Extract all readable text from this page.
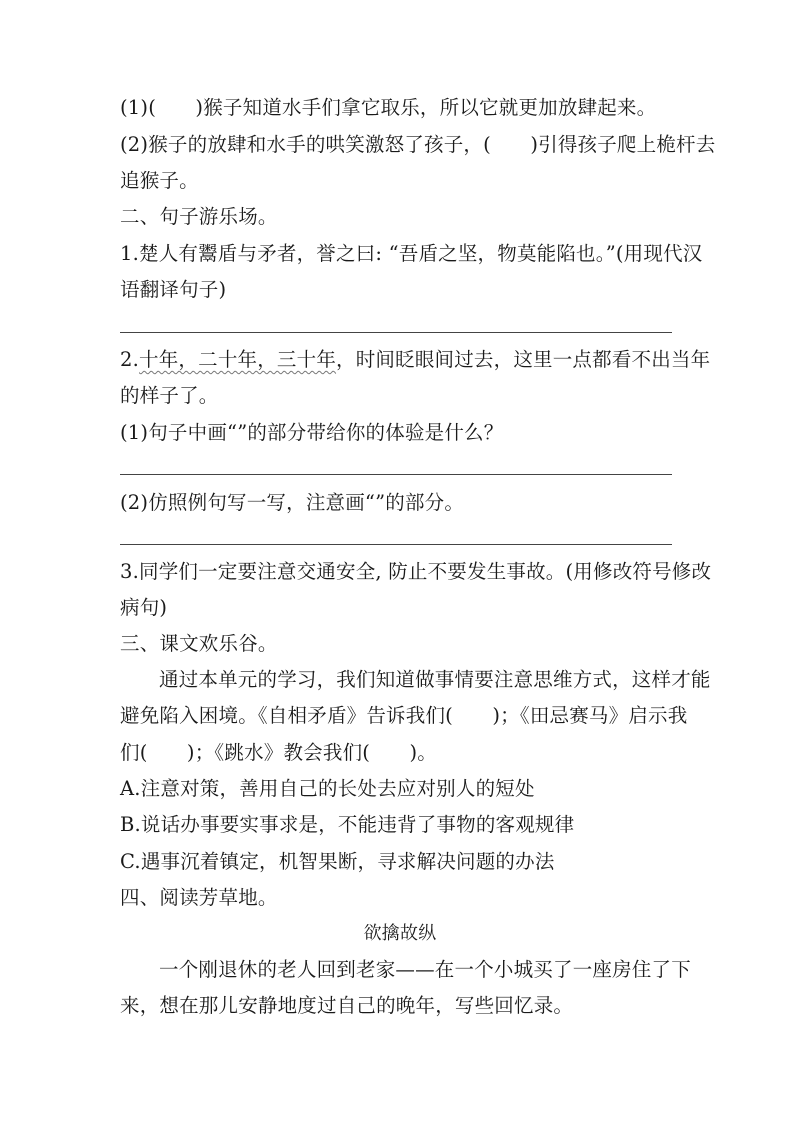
(1)(　　)猴子知道水手们拿它取乐，所以它就更加放肆起来。
(2)猴子的放肆和水手的哄笑激怒了孩子，(　　)引得孩子爬上桅杆去
追猴子。
二、句子游乐场。
1.楚人有鬻盾与矛者，誉之曰: “吾盾之坚，物莫能陷也。”(用现代汉
语翻译句子)
2.十年，二十年，三十年，时间眨眼间过去，这里一点都看不出当年
的样子了。
(1)句子中画“”的部分带给你的体验是什么？
(2)仿照例句写一写，注意画“”的部分。
3.同学们一定要注意交通安全, 防止不要发生事故。(用修改符号修改
病句)
三、课文欢乐谷。
通过本单元的学习，我们知道做事情要注意思维方式，这样才能
避免陷入困境。《自相矛盾》告诉我们(　　)；《田忌赛马》启示我
们(　　)；《跳水》教会我们(　　)。
A.注意对策，善用自己的长处去应对别人的短处
B.说话办事要实事求是，不能违背了事物的客观规律
C.遇事沉着镇定，机智果断，寻求解决问题的办法
四、阅读芳草地。
欲擒故纵
一个刚退休的老人回到老家——在一个小城买了一座房住了下
来，想在那儿安静地度过自己的晚年，写些回忆录。
